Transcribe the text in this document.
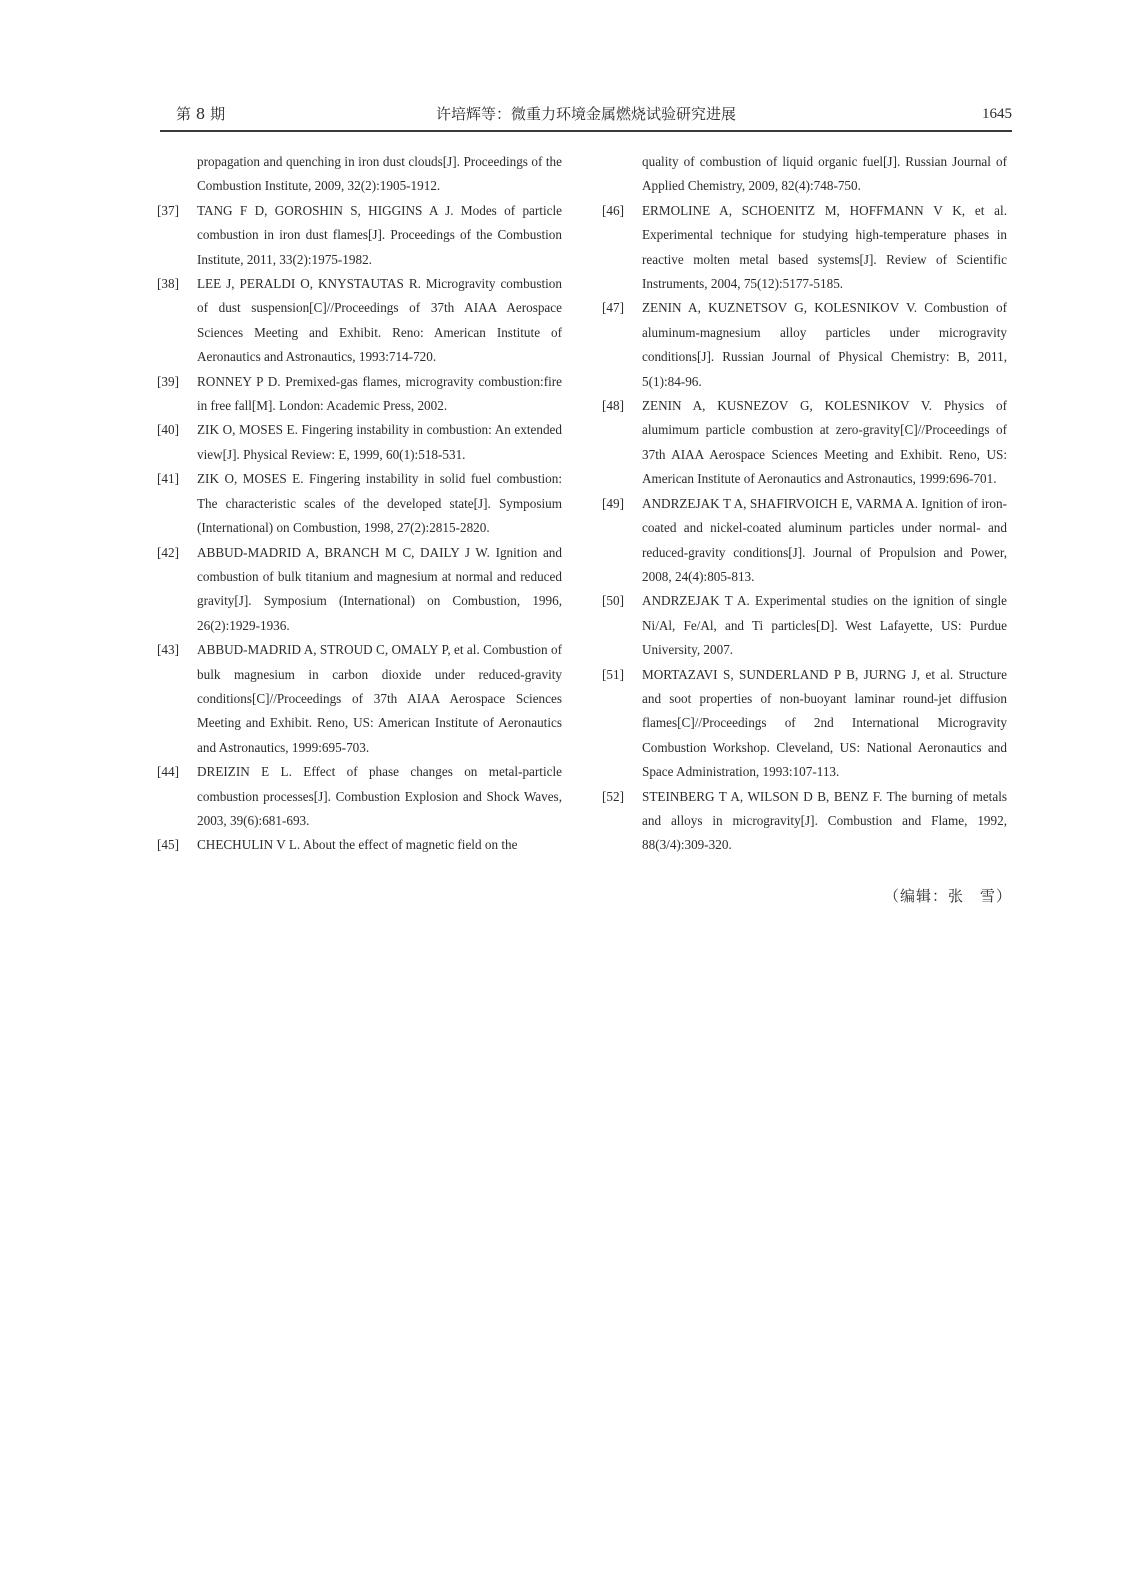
第 8 期	许培辉等：微重力环境金属燃烧试验研究进展	1645
propagation and quenching in iron dust clouds[J]. Proceedings of the Combustion Institute, 2009, 32(2):1905-1912.
[37] TANG F D, GOROSHIN S, HIGGINS A J. Modes of particle combustion in iron dust flames[J]. Proceedings of the Combustion Institute, 2011, 33(2):1975-1982.
[38] LEE J, PERALDI O, KNYSTAUTAS R. Microgravity combustion of dust suspension[C]//Proceedings of 37th AIAA Aerospace Sciences Meeting and Exhibit. Reno: American Institute of Aeronautics and Astronautics, 1993:714-720.
[39] RONNEY P D. Premixed-gas flames, microgravity combustion:fire in free fall[M]. London: Academic Press, 2002.
[40] ZIK O, MOSES E. Fingering instability in combustion: An extended view[J]. Physical Review: E, 1999, 60(1):518-531.
[41] ZIK O, MOSES E. Fingering instability in solid fuel combustion: The characteristic scales of the developed state[J]. Symposium (International) on Combustion, 1998, 27(2):2815-2820.
[42] ABBUD-MADRID A, BRANCH M C, DAILY J W. Ignition and combustion of bulk titanium and magnesium at normal and reduced gravity[J]. Symposium (International) on Combustion, 1996, 26(2):1929-1936.
[43] ABBUD-MADRID A, STROUD C, OMALY P, et al. Combustion of bulk magnesium in carbon dioxide under reduced-gravity conditions[C]//Proceedings of 37th AIAA Aerospace Sciences Meeting and Exhibit. Reno, US: American Institute of Aeronautics and Astronautics, 1999:695-703.
[44] DREIZIN E L. Effect of phase changes on metal-particle combustion processes[J]. Combustion Explosion and Shock Waves, 2003, 39(6):681-693.
[45] CHECHULIN V L. About the effect of magnetic field on the
quality of combustion of liquid organic fuel[J]. Russian Journal of Applied Chemistry, 2009, 82(4):748-750.
[46] ERMOLINE A, SCHOENITZ M, HOFFMANN V K, et al. Experimental technique for studying high-temperature phases in reactive molten metal based systems[J]. Review of Scientific Instruments, 2004, 75(12):5177-5185.
[47] ZENIN A, KUZNETSOV G, KOLESNIKOV V. Combustion of aluminum-magnesium alloy particles under microgravity conditions[J]. Russian Journal of Physical Chemistry: B, 2011, 5(1):84-96.
[48] ZENIN A, KUSNEZOV G, KOLESNIKOV V. Physics of alumimum particle combustion at zero-gravity[C]//Proceedings of 37th AIAA Aerospace Sciences Meeting and Exhibit. Reno, US: American Institute of Aeronautics and Astronautics, 1999:696-701.
[49] ANDRZEJAK T A, SHAFIRVOICH E, VARMA A. Ignition of iron-coated and nickel-coated aluminum particles under normal- and reduced-gravity conditions[J]. Journal of Propulsion and Power, 2008, 24(4):805-813.
[50] ANDRZEJAK T A. Experimental studies on the ignition of single Ni/Al, Fe/Al, and Ti particles[D]. West Lafayette, US: Purdue University, 2007.
[51] MORTAZAVI S, SUNDERLAND P B, JURNG J, et al. Structure and soot properties of non-buoyant laminar round-jet diffusion flames[C]//Proceedings of 2nd International Microgravity Combustion Workshop. Cleveland, US: National Aeronautics and Space Administration, 1993:107-113.
[52] STEINBERG T A, WILSON D B, BENZ F. The burning of metals and alloys in microgravity[J]. Combustion and Flame, 1992, 88(3/4):309-320.
（编辑：张　雪）
